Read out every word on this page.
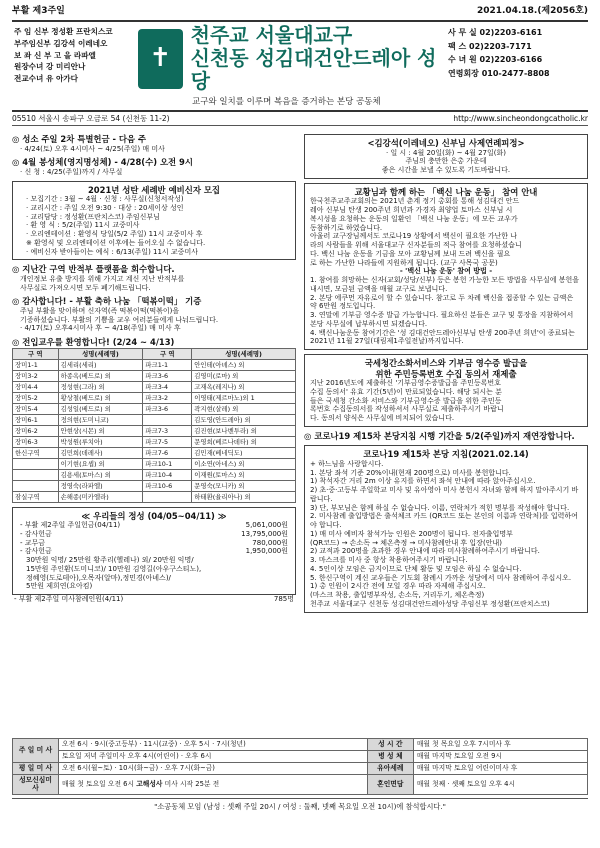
부활 제3주일	2021.04.18.(제2056호)
주 임 신부 정성환 프란치스코
부주임신부 김강석 이레네오
보 좌 신 부 고 을 라파엘
원장수녀 강 미리안나
전교수녀 유 아가다
✝
천주교 서울대교구
신천동 성김대건안드레아 성당
교구와 일치를 이루며 복음을 증거하는 본당 공동체
사 무 실 02)2203-6161
팩 스 02)2203-7171
수 녀 원 02)2203-6166
연령회장 010-2477-8808
05510 서울시 송파구 오금로 54 (신천동 11-2)	http://www.sincheondongcatholic.kr
◎ 성소 주일 2차 특별헌금 - 다음 주
· 4/24(토) 오후 4시미사 ~ 4/25(주일) 매 미사
◎ 4월 봉성체(영지명성체) - 4/28(수) 오전 9시
· 신 청 : 4/25(주일)까지 / 사무실
2021년 성탄 세례반 예비신자 모집
· 모집기간 : 3월 ~ 4월 · 신청 : 사무실(신청서작성)
· 교리시간 : 주일 오전 9:30 · 대상 : 20세이상 성인
· 교리담당 : 정성환(프란치스코) 주임신부님
· 환 영 식 : 5/2(주일) 11시 교중미사
· 오리엔테이션 : 환영식 당일(5/2 주일) 11시 교중미사 후
※ 환영식 및 오리엔테이션 이후에는 들어오실 수 없습니다.
· 예비신자 받아들이는 예식 : 6/13(주일) 11시 교중미사
◎ 지난간 구역 반적부 플랫폼을 회수합니다.
개인정보 유출 방지를 위해 가지고 계신 지난 반적부를
사무실로 가져오시면 모두 폐기해드립니다.
◎ 감사합니다! - 부활 축하 나눔 「떡볶이떡」 기증
주님 부활을 맞이하며 신자역(즉 떡볶이떡(떡볶이)을
기증하셨습니다. 부활의 기쁨을 교우 여러분들에게 나눠드립니다.
· 4/17(토) 오후4시미사 후 ~ 4/18(주일) 매 미사 후
◎ 전입교우를 환영합니다! (2/24 ~ 4/13)
구 역	성명(세례명)	구 역	성명(세례명)
장미1-1	김세리(세리)	파크1-1	안인테(아녜스) 외
장미3-2	하종옥(베드로) 외	파크3-6	김영미(로마) 외
장미4-4	정성현(그라) 외	파크3-4	고재옥(레지나) 외
장미5-2	황상철(베드로) 외	파크3-2	이영태(제르마노)외 1
장미5-4	김성일(베드로) 외	파크3-6	곽지현(살레) 외
장미6-1	정의현(도미니코)		김도영(안드레아) 외
장미6-2	안현상(시몬) 외	파크7-3	김진현(보나벤투라) 외
장미6-3	박성원(루치아)	파크7-5	문영희(베르나데타) 외
한신구역	김민희(데레사)	파크7-6	김민재(베네딕도)
	이기현(요셉) 외	파크10-1	이소연(아네스) 외
	김용세(토마스) 외	파크10-4	이재원(토마스) 외
	정영숙(라파엘)	파크10-6	문영숙(모니카) 외
잠실구역	손해종(미카엘라)		하태환(율리아나) 외
≪ 우리들의 정성 (04/05~04/11) ≫
- 부활 제2주일 주일헌금(04/11)	5,061,000원
- 감사헌금	13,795,000원
- 교무금	780,000원
- 감사헌금	1,950,000원
30만원 익명/ 25만원 황주리(헬레나) 외/ 20만원 익명/
15만원 주인환(도미니코)/ 10만원 김영길(아우구스티노),
정혜영(도로테아),오목자(알마),정민경(아녜스)/
5만원 제희연(요아킴)
- 부활 제2주일 미사참례인원(4/11)	785명
<김강석(이레네오) 신부님 사제연례피정>
· 일 시 : 4월 20일(화) ~ 4월 27일(화)
주님의 충만한 은총 가운데
좋은 시간을 보낼 수 있도록 기도바랍니다.
교황님과 함께 하는 「백신 나눔 운동」 참여 안내
한국천주교주교회의는 2021년 춘계 정기 총회를 통해 성김대건 안드
레아 신부님 탄생 200주년 희년과 가경자 최양업 토마스 신부님 시
복시성을 요청하는 운동의 일환인 「백신 나눔 운동」에 모든 교우가
동참하기로 하였습니다.
아울러 교구장님께서도 코로나19 상황에서 백신이 필요한 가난한 나
라의 사람들을 위해 서울대교구 신자분들의 적극 참여를 요청하셨습니
다. 백신 나눔 운동을 기금을 모아 교황님께 보내 드려 백신을 필요
로 하는 가난한 나라들에 지원하게 됩니다. (교구 사목국 공문)
- '백신 나눔 운동' 참여 방법 -
1. 참여를 희망하는 신자(교회/성당/신부) 등은 봉헌 가능한 모든 방법을 사무실에 봉헌을 내시면, 모금된 금액을 매월 교구로 보냅니다.
2. 본당 에쿠먼 자유로이 할 수 있습니다. 참고로 두 차례 백신을 접종할 수 있는 금액은 약 6만원 정도입니다.
3. 연말에 기부금 영수증 발급 가능합니다. 필요하신 분들은 교구 및 통장을 지참하여서 본당 사무실에 납부하시면 되겠습니다.
4. 백신나눔운동 참여기간은 '성 김대건안드레아신부님 탄생 200주년 희년'이 종료되는 2021년 11월 27일(대림제1주일전날)까지입니다.
국세청간소화서비스와 기부금 영수증 발급을
위한 주민등록번호 수집 동의서 재제출
지난 2016년도에 제출하신 '기부금영수증발급을 주민등록번호
수집 동의서' 유효 기간(5년)이 만료되었습니다. 해당 되시는 분
들은 국세청 간소화 서비스와 기부금영수증 발급을 위한 주민등
록번호 수집동의서를 작성하셔서 사무실로 제출하주시기 바랍니
다. 동의서 양식은 사무실에 비치되어 있습니다.
◎ 코로나19 제15차 본당지침 시행 기간을 5/2(주일)까지 재연장합니다.
코로나19 제15차 본당 지침(2021.02.14)
+ 하느님을 사랑합시다.
1. 본당 좌석 기준 20%이내(현재 200명으로) 미사를 봉헌합니다.
1) 착석자간 거리 2m 이상 유지를 하면서 좌석 안내에 따라 앉아주십시오.
2) 초·중·고등부 주일학교 미사 및 유아영아 미사 봉헌시 자녀와 함께 하지 말아주시기 바랍니다.
3) 단, 부모님은 함께 하실 수 없습니다. 이름, 연락처가 적힌 명부를 작성해야 합니다.
2. 미사참례 출입방법은 출석체크 카드 (QR코드 또는 본인의 이름과 연락처)를 입력하여야 합니다.
1) 매 미사 예비자 참석가능 인원은 200명이 됩니다. 전자출입명부
(QR코드) → 손소독 → 체온측정 → 미사참례안내 후 입장(안내)
2) 교적과 200명을 초과한 경우 안내에 따라 미사참례하여주시기 바랍니다.
3. 마스크를 미사 중 항상 착용하여주시기 바랍니다.
4. 5인이상 모임은 금지이므로 단체 활동 및 모임은 하실 수 없습니다.
5. 한신구역이 계신 교우들은 기도회 참례시 가까운 성당에서 미사 참례하여 주십시오.
1) 총 인원이 2시간 전에 모일 경우 따라 자제해 주십시오.
(마스크 착용, 출입명부작성, 손소독, 거리두기, 체온측정)
천주교 서울대교구 신천동 성김대건안드레아성당 주임신부 정성환(프란치스코)
주 일 미 사	오전 6시 · 9시(중고등부) · 11시(교중) · 오후 5시 · 7시(청년)	성 시 간	매월 첫 목요일 오후 7시미사 후
	토요일 저녁 주일미사 오후 4시(어린이) · 오후 6시	병 성 체	매월 마지막 토요일 오전 9시
평 일 미 사	오전 6시(월~토) · 10시(화~금) · 오후 7시(화~금)	유아세례	매월 마지막 토요일 어린이미사 후
성모신심미사	매월 첫 토요일 오전 6시 고해성사 미사 시작 25분 전	혼인면담	매월 첫째 · 셋째 토요일 오후 4시
"소공동체 모임 (남성 : 셋째 주일 20시 / 여성 : 둘째, 넷째 목요일 오전 10시)에 참석합시다."
